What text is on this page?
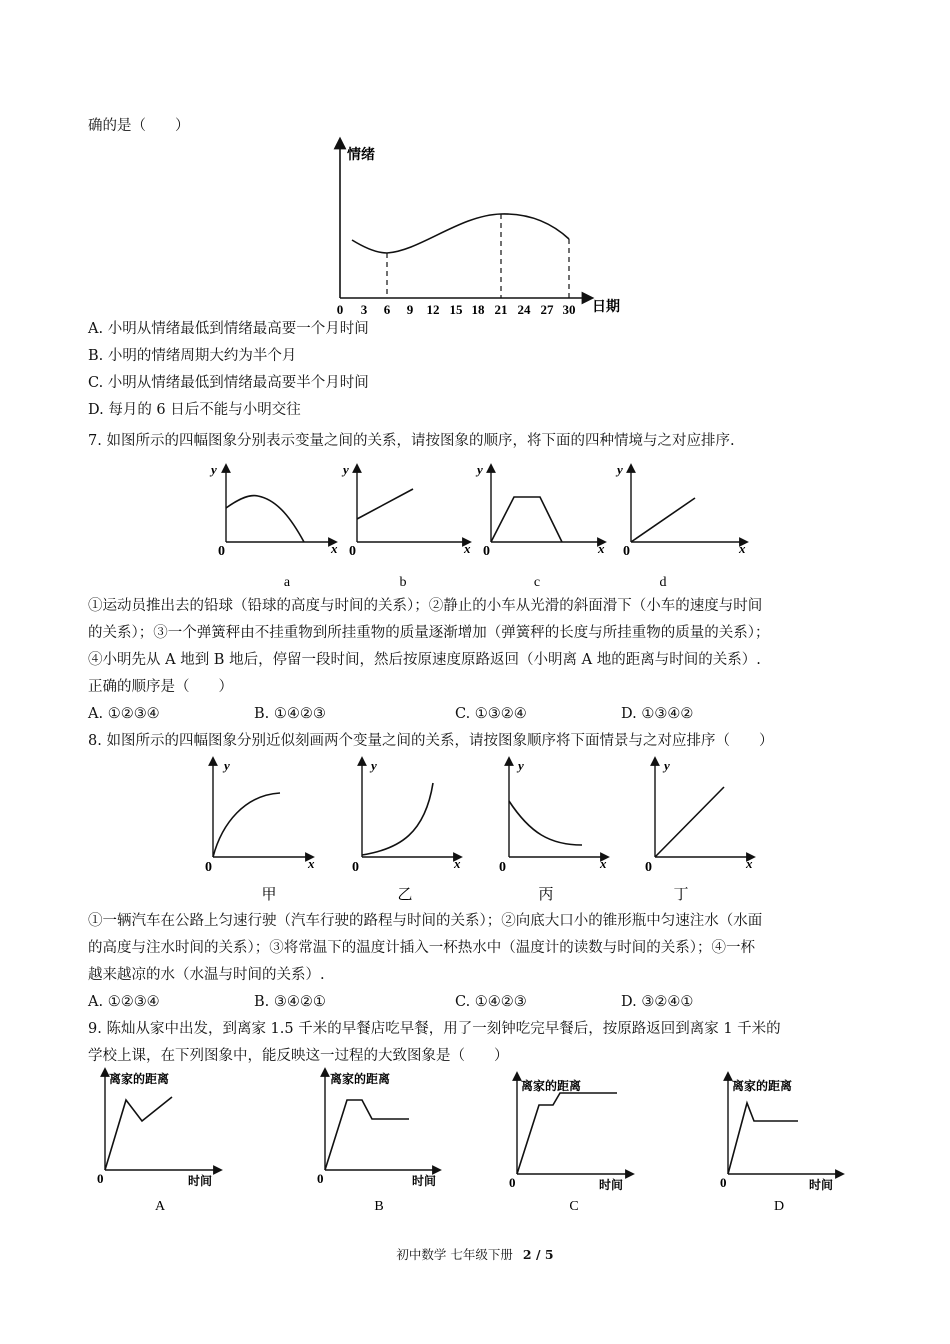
确的是（　　）
情绪
日期
0 3 6 9 12 15 18 21 24 27 30
A. 小明从情绪最低到情绪最高要一个月时间
B. 小明的情绪周期大约为半个月
C. 小明从情绪最低到情绪最高要半个月时间
D. 每月的 6 日后不能与小明交往
7. 如图所示的四幅图象分别表示变量之间的关系，请按图象的顺序，将下面的四种情境与之对应排序.
y
x
0
a
y
x
0
b
y
x
0
c
y
x
0
d
①运动员推出去的铅球（铅球的高度与时间的关系）；②静止的小车从光滑的斜面滑下（小车的速度与时间
的关系）；③一个弹簧秤由不挂重物到所挂重物的质量逐渐增加（弹簧秤的长度与所挂重物的质量的关系）；
④小明先从 A 地到 B 地后，停留一段时间，然后按原速度原路返回（小明离 A 地的距离与时间的关系）.
正确的顺序是（　　）
A. ①②③④	B. ①④②③	C. ①③②④	D. ①③④②
8. 如图所示的四幅图象分别近似刻画两个变量之间的关系，请按图象顺序将下面情景与之对应排序（　　）
y
x
0
甲
y
x
0
乙
y
x
0
丙
y
x
0
丁
①一辆汽车在公路上匀速行驶（汽车行驶的路程与时间的关系）；②向底大口小的锥形瓶中匀速注水（水面
的高度与注水时间的关系）；③将常温下的温度计插入一杯热水中（温度计的读数与时间的关系）；④一杯
越来越凉的水（水温与时间的关系）.
A. ①②③④	B. ③④②①	C. ①④②③	D. ③②④①
9. 陈灿从家中出发，到离家 1.5 千米的早餐店吃早餐，用了一刻钟吃完早餐后，按原路返回到离家 1 千米的
学校上课，在下列图象中，能反映这一过程的大致图象是（　　）
离家的距离
时间
0
A
离家的距离
时间
0
B
离家的距离
时间
0
C
离家的距离
时间
0
D
初中数学 七年级下册 2 / 5
